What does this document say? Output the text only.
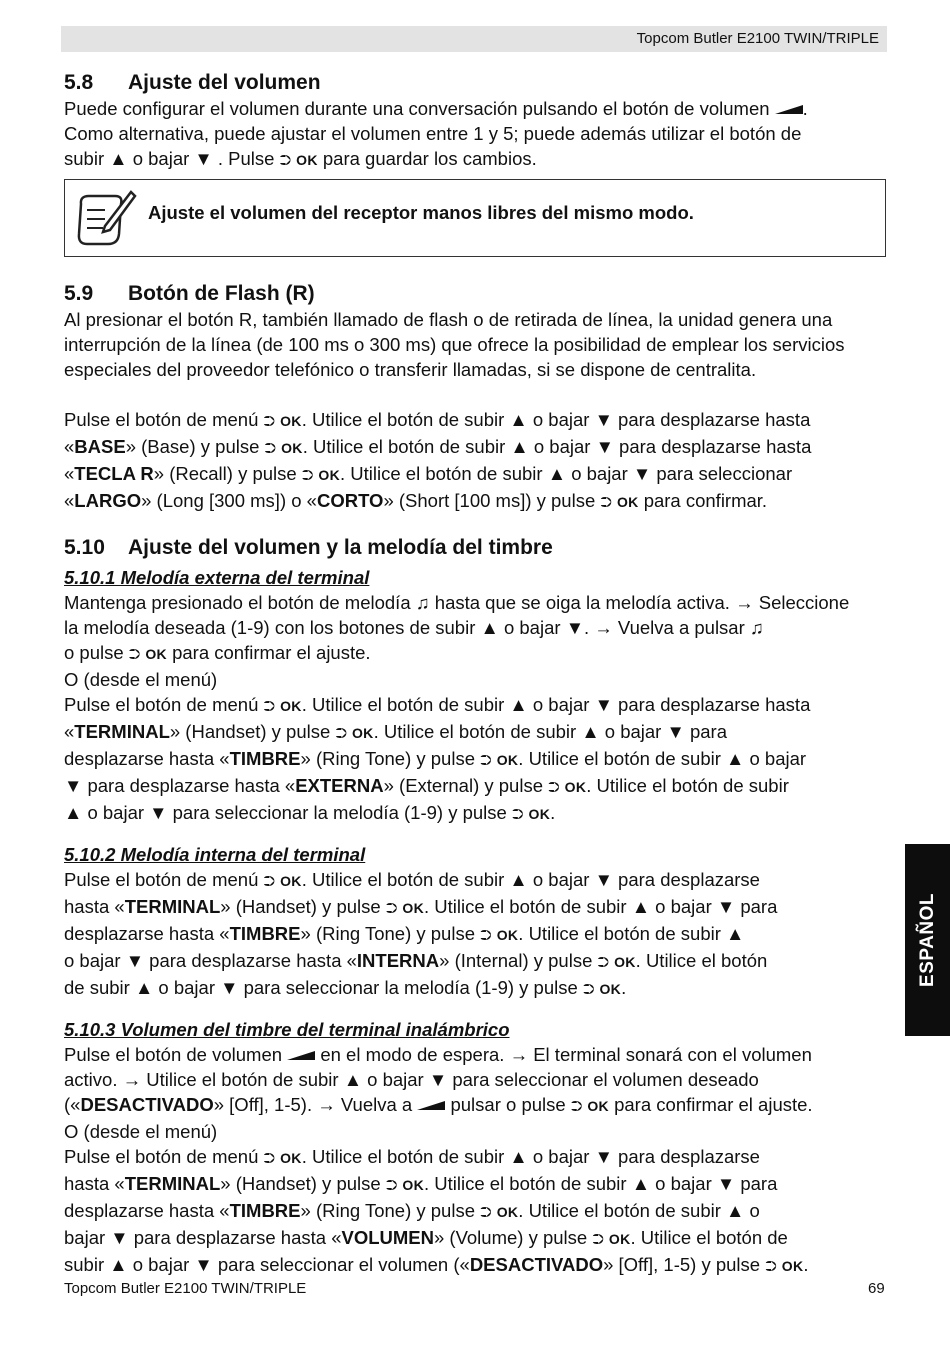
Topcom Butler E2100 TWIN/TRIPLE

5.8 Ajuste del volumen

Puede configurar el volumen durante una conversación pulsando el botón de volumen .

Como alternativa, puede ajustar el volumen entre 1 y 5; puede además utilizar el botón de

subir ▲ o bajar ▼ . Pulse ⮊ OK para guardar los cambios.

Ajuste el volumen del receptor manos libres del mismo modo.

5.9 Botón de Flash (R)

Al presionar el botón R, también llamado de flash o de retirada de línea, la unidad genera una

interrupción de la línea (de 100 ms o 300 ms) que ofrece la posibilidad de emplear los servicios

especiales del proveedor telefónico o transferir llamadas, si se dispone de centralita.

Pulse el botón de menú ⮊ OK. Utilice el botón de subir ▲ o bajar ▼ para desplazarse hasta

«BASE» (Base) y pulse ⮊ OK. Utilice el botón de subir ▲ o bajar ▼ para desplazarse hasta

«TECLA R» (Recall) y pulse ⮊ OK. Utilice el botón de subir ▲ o bajar ▼ para seleccionar

«LARGO» (Long [300 ms]) o «CORTO» (Short [100 ms]) y pulse ⮊ OK para confirmar.

5.10 Ajuste del volumen y la melodía del timbre

5.10.1 Melodía externa del terminal

Mantenga presionado el botón de melodía ♫ hasta que se oiga la melodía activa. → Seleccione

la melodía deseada (1-9) con los botones de subir ▲ o bajar ▼. → Vuelva a pulsar ♫

o pulse ⮊ OK para confirmar el ajuste.

O (desde el menú)

Pulse el botón de menú ⮊ OK. Utilice el botón de subir ▲ o bajar ▼ para desplazarse hasta

«TERMINAL» (Handset) y pulse ⮊ OK. Utilice el botón de subir ▲ o bajar ▼ para

desplazarse hasta «TIMBRE» (Ring Tone) y pulse ⮊ OK. Utilice el botón de subir ▲ o bajar

▼ para desplazarse hasta «EXTERNA» (External) y pulse ⮊ OK. Utilice el botón de subir

▲ o bajar ▼ para seleccionar la melodía (1-9) y pulse ⮊ OK.

5.10.2 Melodía interna del terminal

Pulse el botón de menú ⮊ OK. Utilice el botón de subir ▲ o bajar ▼ para desplazarse

hasta «TERMINAL» (Handset) y pulse ⮊ OK. Utilice el botón de subir ▲ o bajar ▼ para

desplazarse hasta «TIMBRE» (Ring Tone) y pulse ⮊ OK. Utilice el botón de subir ▲

o bajar ▼ para desplazarse hasta «INTERNA» (Internal) y pulse ⮊ OK. Utilice el botón

de subir ▲ o bajar ▼ para seleccionar la melodía (1-9) y pulse ⮊ OK.

5.10.3 Volumen del timbre del terminal inalámbrico

Pulse el botón de volumen en el modo de espera. → El terminal sonará con el volumen

activo. → Utilice el botón de subir ▲ o bajar ▼ para seleccionar el volumen deseado

(«DESACTIVADO» [Off], 1-5). → Vuelva a pulsar o pulse ⮊ OK para confirmar el ajuste.

O (desde el menú)

Pulse el botón de menú ⮊ OK. Utilice el botón de subir ▲ o bajar ▼ para desplazarse

hasta «TERMINAL» (Handset) y pulse ⮊ OK. Utilice el botón de subir ▲ o bajar ▼ para

desplazarse hasta «TIMBRE» (Ring Tone) y pulse ⮊ OK. Utilice el botón de subir ▲ o

bajar ▼ para desplazarse hasta «VOLUMEN» (Volume) y pulse ⮊ OK. Utilice el botón de

subir ▲ o bajar ▼ para seleccionar el volumen («DESACTIVADO» [Off], 1-5) y pulse ⮊ OK.

ESPAÑOL
Topcom Butler E2100 TWIN/TRIPLE	69
